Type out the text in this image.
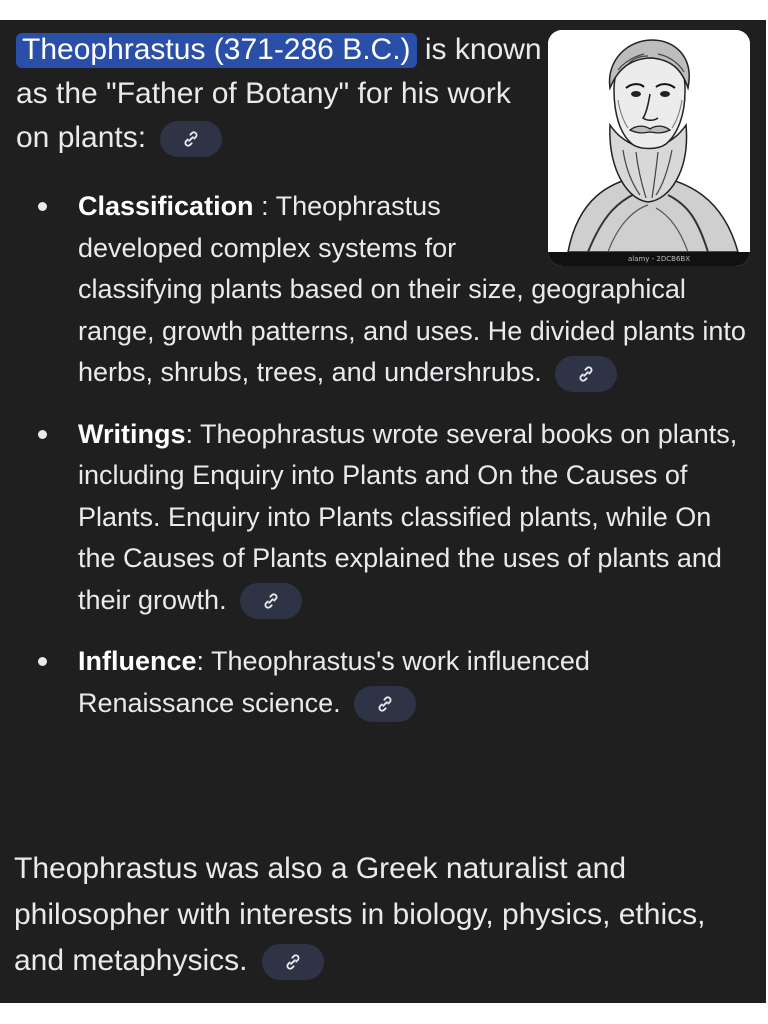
alamy - 2DCB6BX
Theophrastus (371-286 B.C.) is known as the "Father of Botany" for his work on plants:
Classification : Theophrastus developed complex systems for classifying plants based on their size, geographical range, growth patterns, and uses. He divided plants into herbs, shrubs, trees, and undershrubs.
Writings: Theophrastus wrote several books on plants, including Enquiry into Plants and On the Causes of Plants. Enquiry into Plants classified plants, while On the Causes of Plants explained the uses of plants and their growth.
Influence: Theophrastus's work influenced Renaissance science.
Theophrastus was also a Greek naturalist and philosopher with interests in biology, physics, ethics, and metaphysics.
